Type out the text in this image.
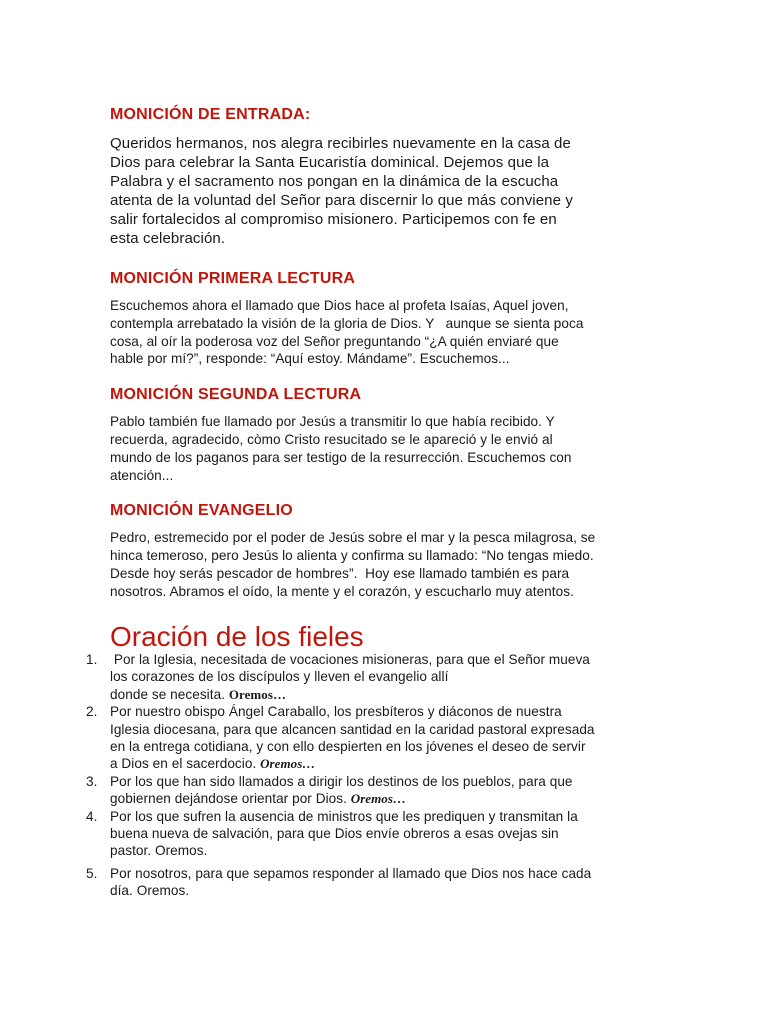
MONICIÓN DE ENTRADA:

Queridos hermanos, nos alegra recibirles nuevamente en la casa de
Dios para celebrar la Santa Eucaristía dominical. Dejemos que la
Palabra y el sacramento nos pongan en la dinámica de la escucha
atenta de la voluntad del Señor para discernir lo que más conviene y
salir fortalecidos al compromiso misionero. Participemos con fe en
esta celebración.

MONICIÓN PRIMERA LECTURA

Escuchemos ahora el llamado que Dios hace al profeta Isaías, Aquel joven,
contempla arrebatado la visión de la gloria de Dios. Y   aunque se sienta poca
cosa, al oír la poderosa voz del Señor preguntando “¿A quién enviaré que
hable por mí?”, responde: “Aquí estoy. Mándame”. Escuchemos...

MONICIÓN SEGUNDA LECTURA

Pablo también fue llamado por Jesús a transmitir lo que había recibido. Y
recuerda, agradecido, còmo Cristo resucitado se le apareció y le envió al
mundo de los paganos para ser testigo de la resurrección. Escuchemos con
atención...

MONICIÓN EVANGELIO

Pedro, estremecido por el poder de Jesús sobre el mar y la pesca milagrosa, se
hinca temeroso, pero Jesús lo alienta y confirma su llamado: “No tengas miedo.
Desde hoy serás pescador de hombres”.  Hoy ese llamado también es para
nosotros. Abramos el oído, la mente y el corazón, y escucharlo muy atentos.

Oración de los fieles
1. Por la Iglesia, necesitada de vocaciones misioneras, para que el Señor mueva
los corazones de los discípulos y lleven el evangelio allí
donde se necesita. Oremos…
2. Por nuestro obispo Ángel Caraballo, los presbíteros y diáconos de nuestra
Iglesia diocesana, para que alcancen santidad en la caridad pastoral expresada
en la entrega cotidiana, y con ello despierten en los jóvenes el deseo de servir
a Dios en el sacerdocio. Oremos…
3. Por los que han sido llamados a dirigir los destinos de los pueblos, para que
gobiernen dejándose orientar por Dios. Oremos…
4. Por los que sufren la ausencia de ministros que les prediquen y transmitan la
buena nueva de salvación, para que Dios envíe obreros a esas ovejas sin
pastor. Oremos.
5. Por nosotros, para que sepamos responder al llamado que Dios nos hace cada
día. Oremos.
